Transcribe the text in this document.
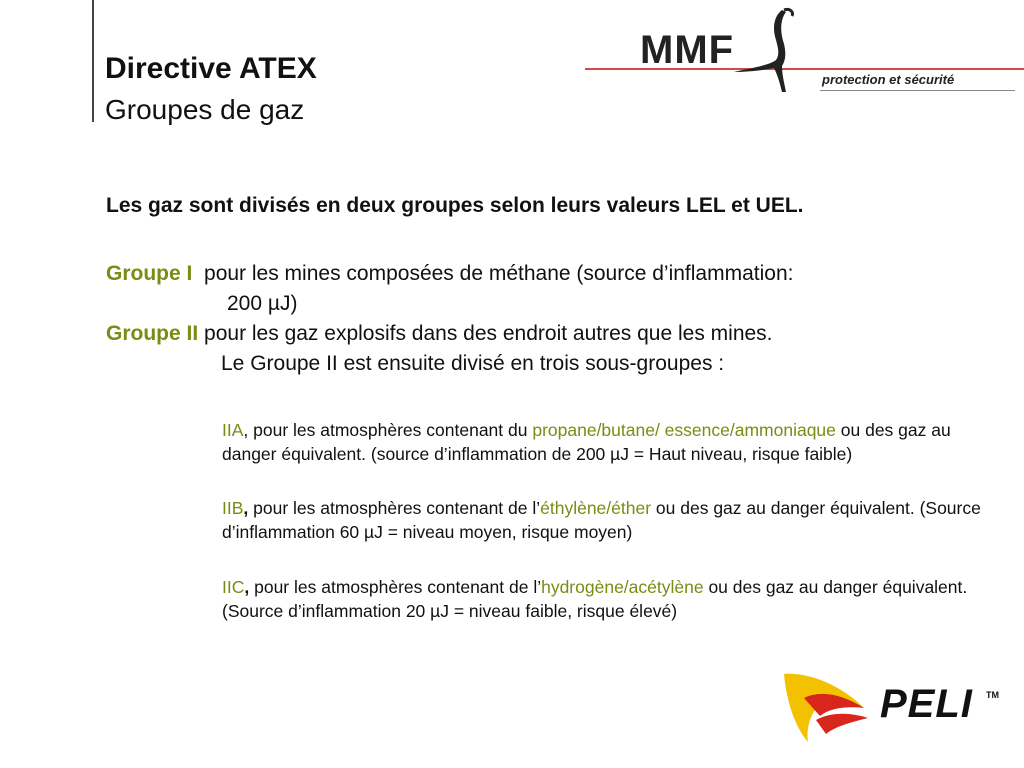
Directive ATEX
Groupes de gaz
MMF
protection et sécurité
Les gaz sont divisés en deux groupes selon leurs valeurs LEL et UEL.
Groupe I pour les mines composées de méthane (source d’inflammation:
200 µJ)
Groupe II pour les gaz explosifs dans des endroit autres que les mines.
Le Groupe II est ensuite divisé en trois sous-groupes :
IIA, pour les atmosphères contenant du propane/butane/ essence/ammoniaque ou des gaz au danger équivalent. (source d’inflammation de 200 µJ = Haut niveau, risque faible)
IIB, pour les atmosphères contenant de l’éthylène/éther ou des gaz au danger équivalent. (Source d’inflammation 60 µJ = niveau moyen, risque moyen)
IIC, pour les atmosphères contenant de l’hydrogène/acétylène ou des gaz au danger équivalent. (Source d’inflammation 20 µJ = niveau faible, risque élevé)
PELI TM
